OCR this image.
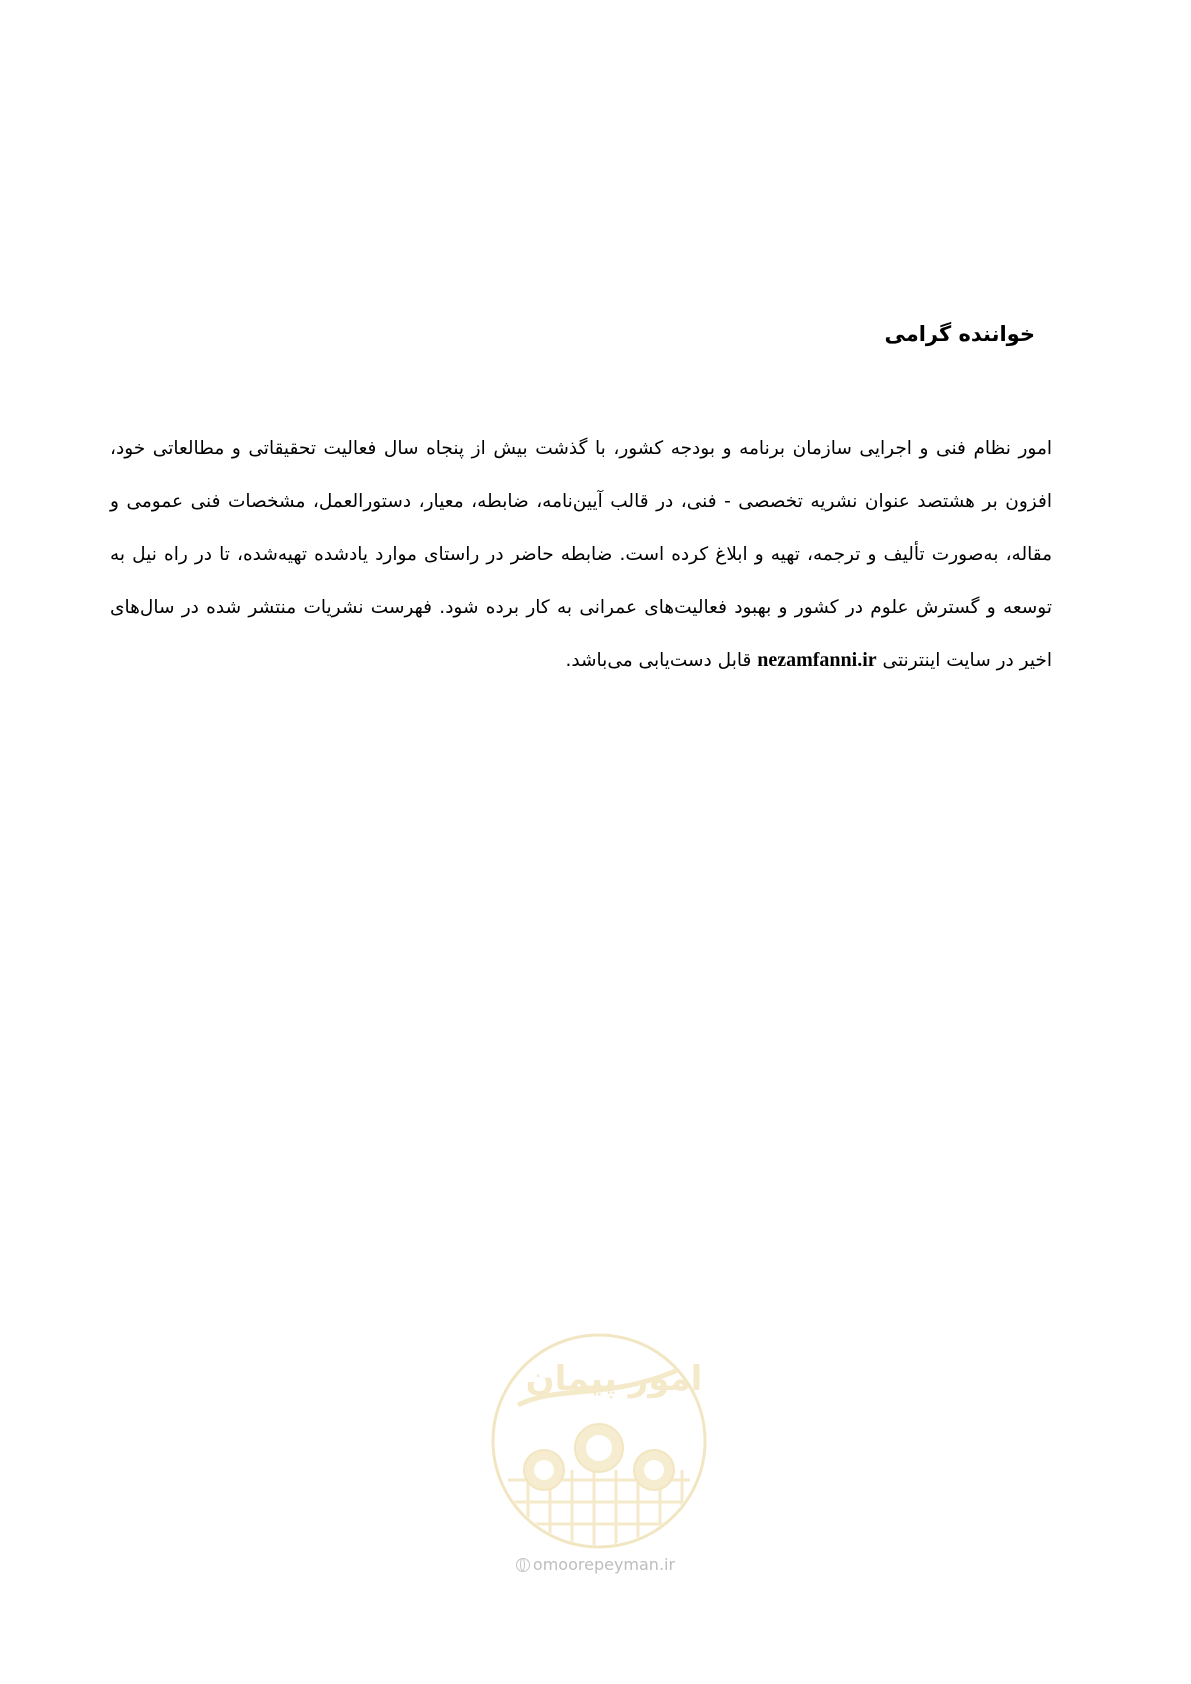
خواننده گرامی

امور نظام فنی و اجرایی سازمان برنامه و بودجه کشور، با گذشت بیش از پنجاه سال فعالیت تحقیقاتی و مطالعاتی خود، افزون بر هشتصد عنوان نشریه تخصصی - فنی، در قالب آیین‌نامه، ضابطه، معیار، دستورالعمل، مشخصات فنی عمومی و مقاله، به‌صورت تألیف و ترجمه، تهیه و ابلاغ کرده است. ضابطه حاضر در راستای موارد یادشده تهیه‌شده، تا در راه نیل به توسعه و گسترش علوم در کشور و بهبود فعالیت‌های عمرانی به کار برده شود. فهرست نشریات منتشر شده در سال‌های اخیر در سایت اینترنتی nezamfanni.ir قابل دست‌یابی می‌باشد.

امور پیمان

omoorepeyman.ir
